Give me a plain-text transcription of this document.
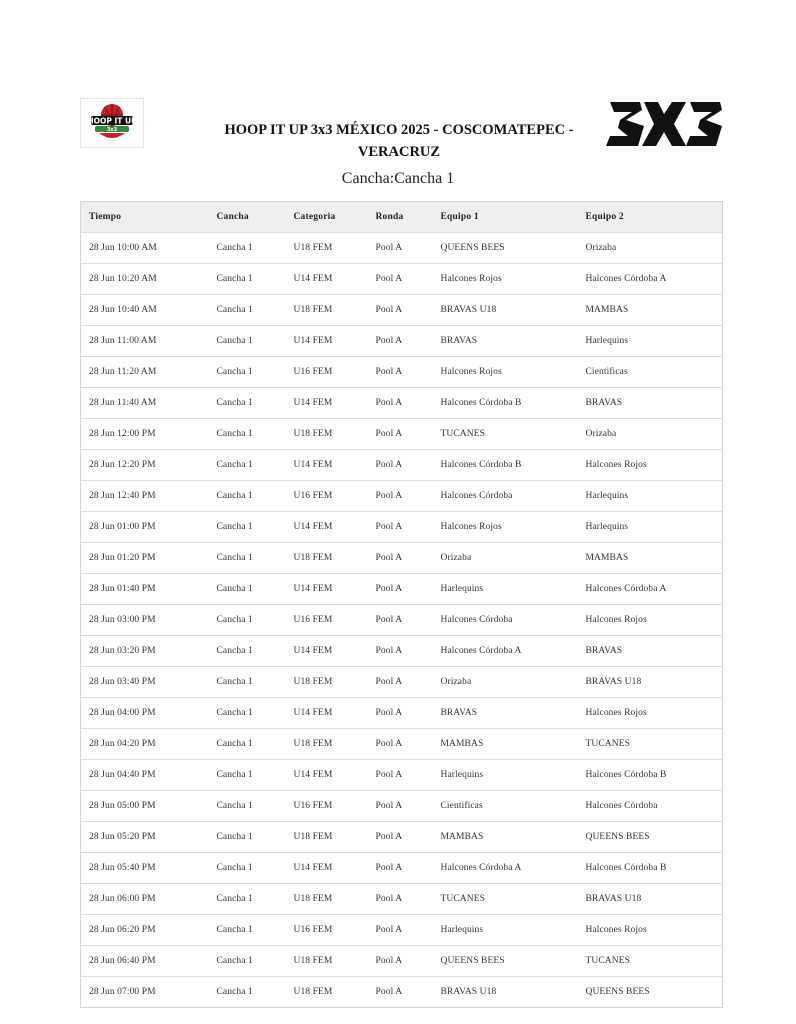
HOOP IT UP
3x3	HOOP IT UP 3x3 MÉXICO 2025 - COSCOMATEPEC - VERACRUZ
Cancha:Cancha 1
Tiempo	Cancha	Categoria	Ronda	Equipo 1	Equipo 2
28 Jun 10:00 AM	Cancha 1	U18 FEM	Pool A	QUEENS BEES	Orizaba
28 Jun 10:20 AM	Cancha 1	U14 FEM	Pool A	Halcones Rojos	Halcones Córdoba A
28 Jun 10:40 AM	Cancha 1	U18 FEM	Pool A	BRAVAS U18	MAMBAS
28 Jun 11:00 AM	Cancha 1	U14 FEM	Pool A	BRAVAS	Harlequins
28 Jun 11:20 AM	Cancha 1	U16 FEM	Pool A	Halcones Rojos	Cientificas
28 Jun 11:40 AM	Cancha 1	U14 FEM	Pool A	Halcones Córdoba B	BRAVAS
28 Jun 12:00 PM	Cancha 1	U18 FEM	Pool A	TUCANES	Orizaba
28 Jun 12:20 PM	Cancha 1	U14 FEM	Pool A	Halcones Córdoba B	Halcones Rojos
28 Jun 12:40 PM	Cancha 1	U16 FEM	Pool A	Halcones Córdoba	Harlequins
28 Jun 01:00 PM	Cancha 1	U14 FEM	Pool A	Halcones Rojos	Harlequins
28 Jun 01:20 PM	Cancha 1	U18 FEM	Pool A	Orizaba	MAMBAS
28 Jun 01:40 PM	Cancha 1	U14 FEM	Pool A	Harlequins	Halcones Córdoba A
28 Jun 03:00 PM	Cancha 1	U16 FEM	Pool A	Halcones Córdoba	Halcones Rojos
28 Jun 03:20 PM	Cancha 1	U14 FEM	Pool A	Halcones Córdoba A	BRAVAS
28 Jun 03:40 PM	Cancha 1	U18 FEM	Pool A	Orizaba	BRAVAS U18
28 Jun 04:00 PM	Cancha 1	U14 FEM	Pool A	BRAVAS	Halcones Rojos
28 Jun 04:20 PM	Cancha 1	U18 FEM	Pool A	MAMBAS	TUCANES
28 Jun 04:40 PM	Cancha 1	U14 FEM	Pool A	Harlequins	Halcones Córdoba B
28 Jun 05:00 PM	Cancha 1	U16 FEM	Pool A	Cientificas	Halcones Córdoba
28 Jun 05:20 PM	Cancha 1	U18 FEM	Pool A	MAMBAS	QUEENS BEES
28 Jun 05:40 PM	Cancha 1	U14 FEM	Pool A	Halcones Córdoba A	Halcones Córdoba B
28 Jun 06:00 PM	Cancha 1	U18 FEM	Pool A	TUCANES	BRAVAS U18
28 Jun 06:20 PM	Cancha 1	U16 FEM	Pool A	Harlequins	Halcones Rojos
28 Jun 06:40 PM	Cancha 1	U18 FEM	Pool A	QUEENS BEES	TUCANES
28 Jun 07:00 PM	Cancha 1	U18 FEM	Pool A	BRAVAS U18	QUEENS BEES
